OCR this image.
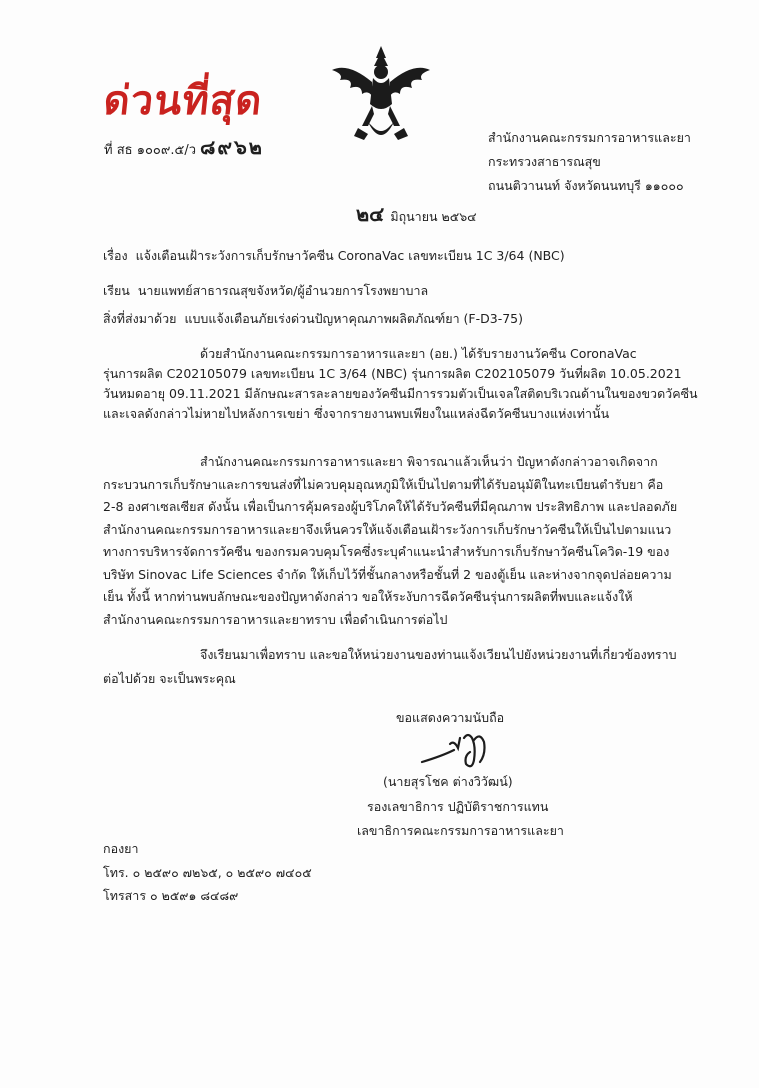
ด่วนที่สุด
ที่ สธ ๑๐๐๙.๕/ว ๘๙๖๒	สำนักงานคณะกรรมการอาหารและยา
กระทรวงสาธารณสุข
ถนนติวานนท์ จังหวัดนนทบุรี ๑๑๐๐๐
๒๔ มิถุนายน ๒๕๖๔
เรื่อง แจ้งเตือนเฝ้าระวังการเก็บรักษาวัคซีน CoronaVac เลขทะเบียน 1C 3/64 (NBC)
เรียน นายแพทย์สาธารณสุขจังหวัด/ผู้อำนวยการโรงพยาบาล
สิ่งที่ส่งมาด้วย แบบแจ้งเตือนภัยเร่งด่วนปัญหาคุณภาพผลิตภัณฑ์ยา (F-D3-75)
ด้วยสำนักงานคณะกรรมการอาหารและยา (อย.) ได้รับรายงานวัคซีน CoronaVac
รุ่นการผลิต C202105079 เลขทะเบียน 1C 3/64 (NBC) รุ่นการผลิต C202105079 วันที่ผลิต 10.05.2021
วันหมดอายุ 09.11.2021 มีลักษณะสารละลายของวัคซีนมีการรวมตัวเป็นเจลใสติดบริเวณด้านในของขวดวัคซีน
และเจลดังกล่าวไม่หายไปหลังการเขย่า ซึ่งจากรายงานพบเพียงในแหล่งฉีดวัคซีนบางแห่งเท่านั้น
สำนักงานคณะกรรมการอาหารและยา พิจารณาแล้วเห็นว่า ปัญหาดังกล่าวอาจเกิดจาก
กระบวนการเก็บรักษาและการขนส่งที่ไม่ควบคุมอุณหภูมิให้เป็นไปตามที่ได้รับอนุมัติในทะเบียนตำรับยา คือ
2-8 องศาเซลเซียส ดังนั้น เพื่อเป็นการคุ้มครองผู้บริโภคให้ได้รับวัคซีนที่มีคุณภาพ ประสิทธิภาพ และปลอดภัย
สำนักงานคณะกรรมการอาหารและยาจึงเห็นควรให้แจ้งเตือนเฝ้าระวังการเก็บรักษาวัคซีนให้เป็นไปตามแนว
ทางการบริหารจัดการวัคซีน ของกรมควบคุมโรคซึ่งระบุคำแนะนำสำหรับการเก็บรักษาวัคซีนโควิด-19 ของ
บริษัท Sinovac Life Sciences จำกัด ให้เก็บไว้ที่ชั้นกลางหรือชั้นที่ 2 ของตู้เย็น และห่างจากจุดปล่อยความ
เย็น ทั้งนี้ หากท่านพบลักษณะของปัญหาดังกล่าว ขอให้ระงับการฉีดวัคซีนรุ่นการผลิตที่พบและแจ้งให้
สำนักงานคณะกรรมการอาหารและยาทราบ เพื่อดำเนินการต่อไป
จึงเรียนมาเพื่อทราบ และขอให้หน่วยงานของท่านแจ้งเวียนไปยังหน่วยงานที่เกี่ยวข้องทราบ
ต่อไปด้วย จะเป็นพระคุณ
ขอแสดงความนับถือ
(นายสุรโชค ต่างวิวัฒน์)
รองเลขาธิการ ปฏิบัติราชการแทน
เลขาธิการคณะกรรมการอาหารและยา
กองยา
โทร. ๐ ๒๕๙๐ ๗๒๖๕, ๐ ๒๕๙๐ ๗๔๐๕
โทรสาร ๐ ๒๕๙๑ ๘๔๘๙
